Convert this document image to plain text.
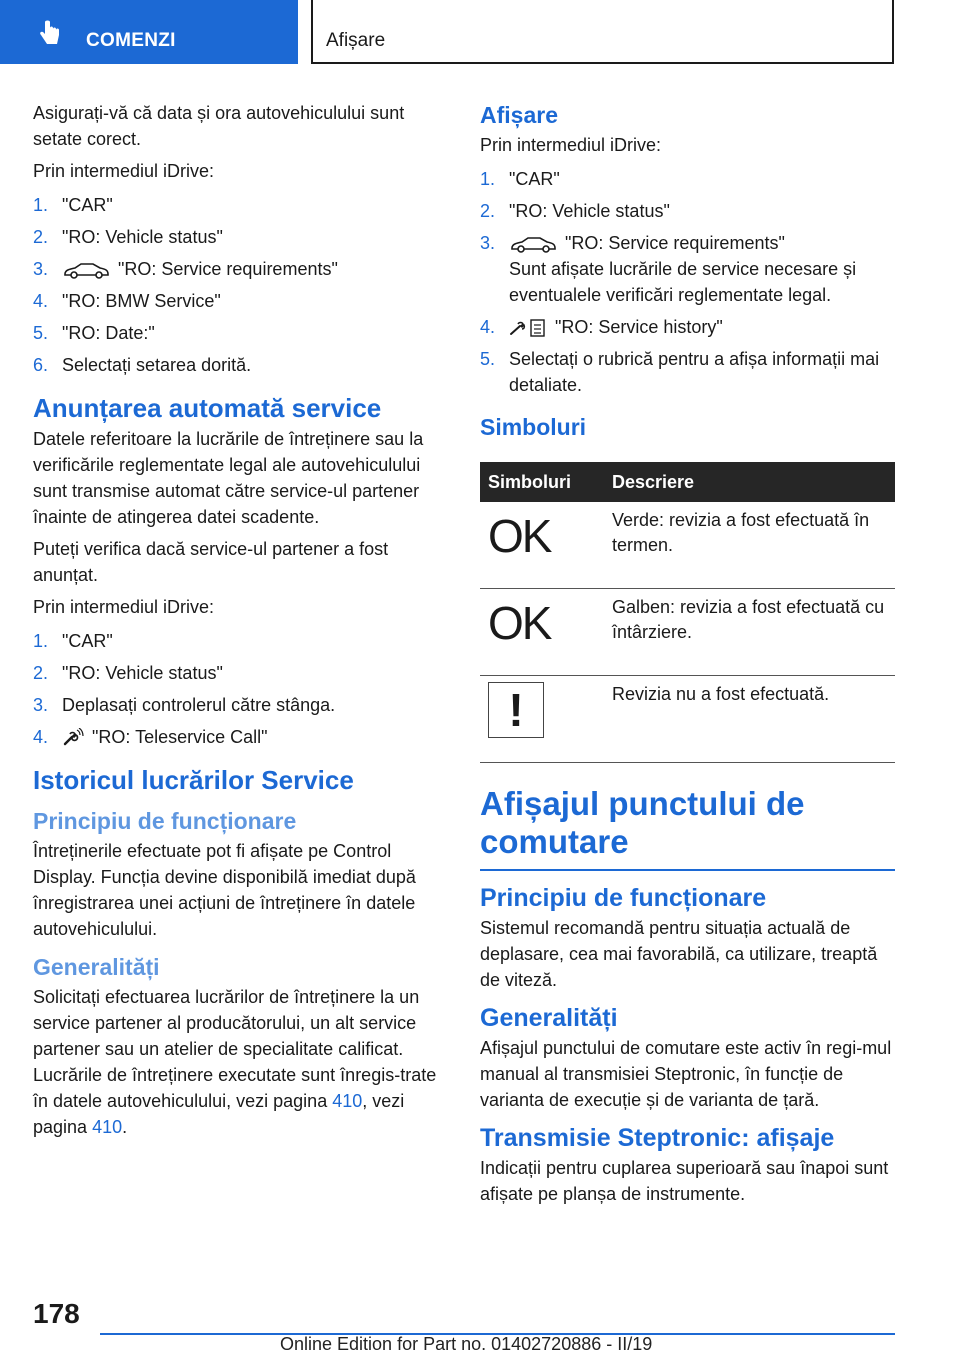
COMENZI	Afișare

Asigurați-vă că data și ora autovehiculului sunt setate corect.

Prin intermediul iDrive:

1. "CAR"
2. "RO: Vehicle status"
3.	"RO: Service requirements"
4. "RO: BMW Service"
5. "RO: Date:"
6. Selectați setarea dorită.
Anunțarea automată service

Datele referitoare la lucrările de întreținere sau la verificările reglementate legal ale autovehiculului sunt transmise automat către service-ul partener înainte de atingerea datei scadente.

Puteți verifica dacă service-ul partener a fost anunțat.

Prin intermediul iDrive:

1. "CAR"
2. "RO: Vehicle status"
3. Deplasați controlerul către stânga.
4. "RO: Teleservice Call"
Istoricul lucrărilor Service
Principiu de funcționare

Întreținerile efectuate pot fi afișate pe Control Display. Funcția devine disponibilă imediat după înregistrarea unei acțiuni de întreținere în datele autovehiculului.

Generalități

Solicitați efectuarea lucrărilor de întreținere la un service partener al producătorului, un alt service partener sau un atelier de specialitate calificat. Lucrările de întreținere executate sunt înregis-trate în datele autovehiculului, vezi pagina 410, vezi pagina 410.

Afișare

Prin intermediul iDrive:

1. "CAR"
2. "RO: Vehicle status"
3.	"RO: Service requirements"
Sunt afișate lucrările de service necesare și eventualele verificări reglementate legal.
4.	"RO: Service history"
5. Selectați o rubrică pentru a afișa informații mai detaliate.
Simboluri
Simboluri	Descriere
OK	Verde: revizia a fost efectuată în termen.
OK	Galben: revizia a fost efectuată cu întârziere.
!	Revizia nu a fost efectuată.
Afișajul punctului de comutare
Principiu de funcționare

Sistemul recomandă pentru situația actuală de deplasare, cea mai favorabilă, ca utilizare, treaptă de viteză.

Generalități

Afișajul punctului de comutare este activ în regi-mul manual al transmisiei Steptronic, în funcție de varianta de execuție și de varianta de țară.

Transmisie Steptronic: afișaje

Indicații pentru cuplarea superioară sau înapoi sunt afișate pe planșa de instrumente.

178
Online Edition for Part no. 01402720886 - II/19
